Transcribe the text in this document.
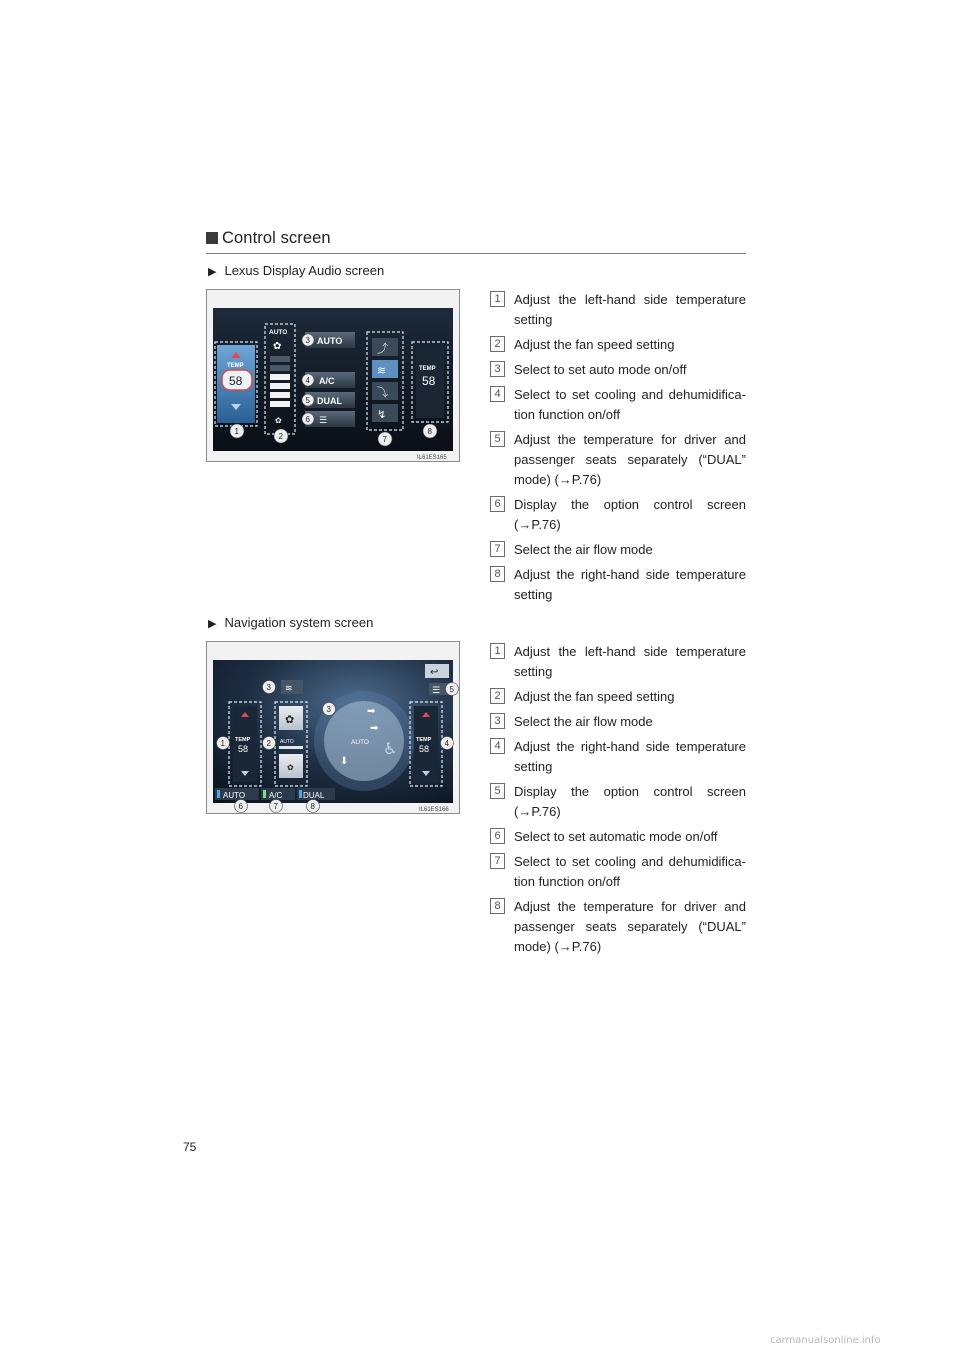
Control screen
▶ Lexus Display Audio screen
TEMP
58
AUTO
✿
✿
AUTO
A/C
DUAL
☰
⤴
≋
⤵
↯
TEMP
58
3
4
5
6
1
2	7
8
IL61ES165
1	Adjust the left-hand side temperature setting
2	Adjust the fan speed setting
3	Select to set auto mode on/off
4	Select to set cooling and dehumidifica-tion function on/off
5	Adjust the temperature for driver and passenger seats separately (“DUAL” mode) (→P.76)
6	Display the option control screen (→P.76)
7	Select the air flow mode
8	Adjust the right-hand side temperature setting
▶ Navigation system screen
↩
≋	☰
TEMP
58
✿
AUTO
✿
AUTO
➡
➡
⬇
♿	TEMP
58
AUTO	A/C	DUAL
1	2
3
3
4
5
6	7	8	IL61ES166
1	Adjust the left-hand side temperature setting
2	Adjust the fan speed setting
3	Select the air flow mode
4	Adjust the right-hand side temperature setting
5	Display the option control screen (→P.76)
6	Select to set automatic mode on/off
7	Select to set cooling and dehumidifica-tion function on/off
8	Adjust the temperature for driver and passenger seats separately (“DUAL” mode) (→P.76)
75
carmanualsonline.info
